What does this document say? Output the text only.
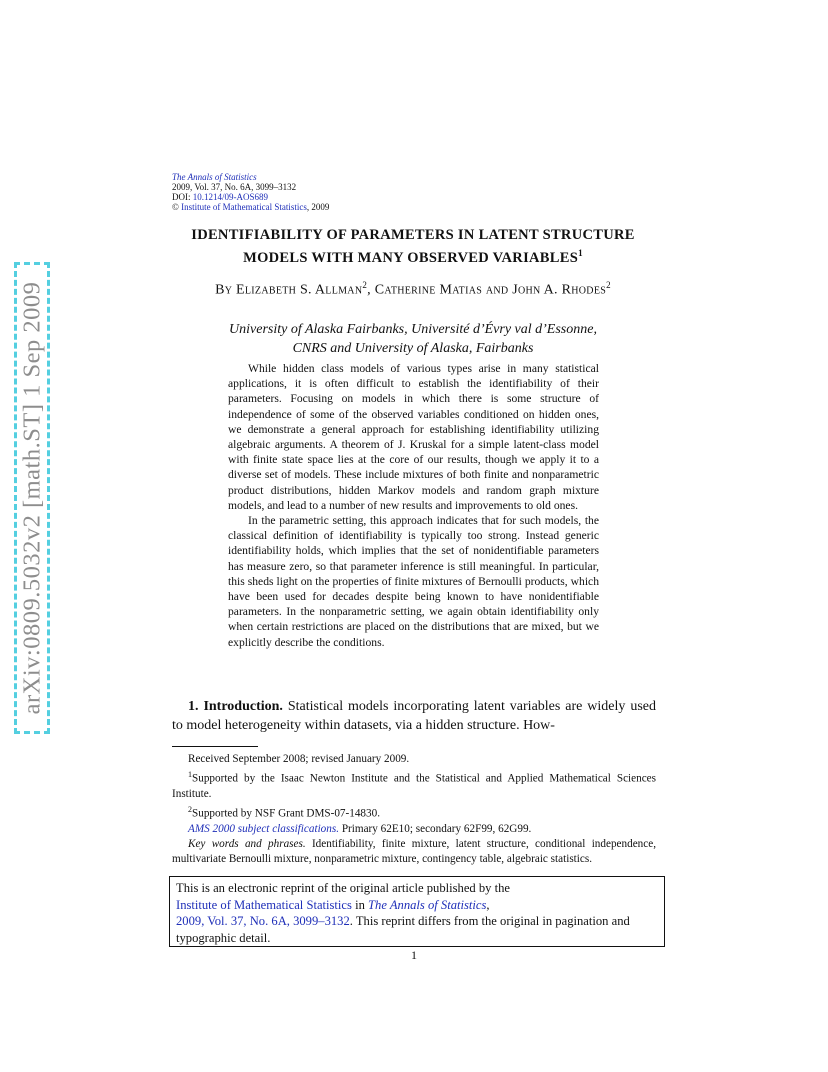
arXiv:0809.5032v2 [math.ST] 1 Sep 2009
The Annals of Statistics
2009, Vol. 37, No. 6A, 3099–3132
DOI: 10.1214/09-AOS689
© Institute of Mathematical Statistics, 2009
IDENTIFIABILITY OF PARAMETERS IN LATENT STRUCTURE
MODELS WITH MANY OBSERVED VARIABLES$^1$
By Elizabeth S. Allman$^2$, Catherine Matias and John A. Rhodes$^2$
University of Alaska Fairbanks, Université d’Évry val d’Essonne,
CNRS and University of Alaska, Fairbanks

While hidden class models of various types arise in many statistical applications, it is often difficult to establish the identifiability of their parameters. Focusing on models in which there is some structure of independence of some of the observed variables conditioned on hidden ones, we demonstrate a general approach for establishing identifiability utilizing algebraic arguments. A theorem of J. Kruskal for a simple latent-class model with finite state space lies at the core of our results, though we apply it to a diverse set of models. These include mixtures of both finite and nonparametric product distributions, hidden Markov models and random graph mixture models, and lead to a number of new results and improvements to old ones.

In the parametric setting, this approach indicates that for such models, the classical definition of identifiability is typically too strong. Instead generic identifiability holds, which implies that the set of nonidentifiable parameters has measure zero, so that parameter inference is still meaningful. In particular, this sheds light on the properties of finite mixtures of Bernoulli products, which have been used for decades despite being known to have nonidentifiable parameters. In the nonparametric setting, we again obtain identifiability only when certain restrictions are placed on the distributions that are mixed, but we explicitly describe the conditions.

1. Introduction. Statistical models incorporating latent variables are widely used to model heterogeneity within datasets, via a hidden structure. How-

Received September 2008; revised January 2009.

$^1$Supported by the Isaac Newton Institute and the Statistical and Applied Mathematical Sciences Institute.

$^2$Supported by NSF Grant DMS-07-14830.

AMS 2000 subject classifications. Primary 62E10; secondary 62F99, 62G99.

Key words and phrases. Identifiability, finite mixture, latent structure, conditional independence, multivariate Bernoulli mixture, nonparametric mixture, contingency table, algebraic statistics.

This is an electronic reprint of the original article published by the
Institute of Mathematical Statistics in The Annals of Statistics,
2009, Vol. 37, No. 6A, 3099–3132. This reprint differs from the original in pagination and typographic detail.
1
